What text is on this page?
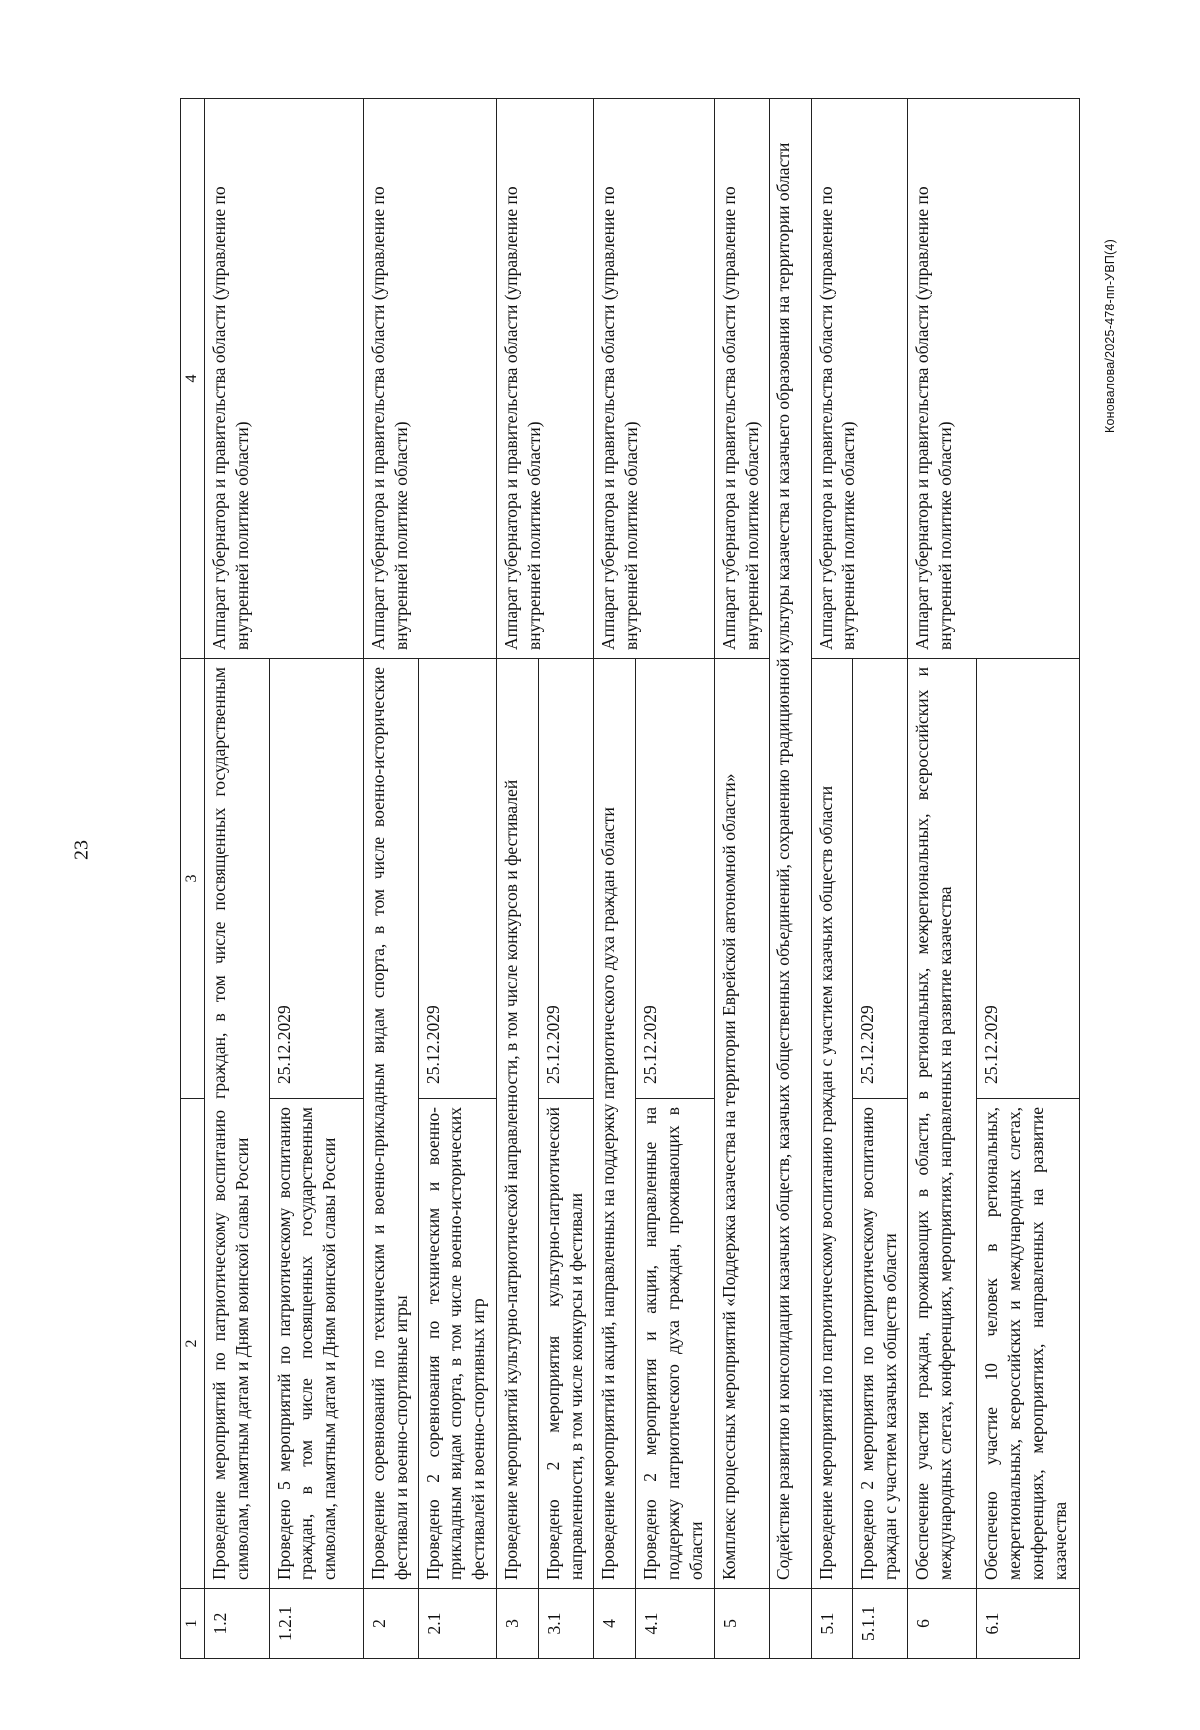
23
Коновалова/2025-478-пп-УВП(4)
1	2	3	4
1.2	Проведение мероприятий по патриотическому воспитанию граждан, в том числе посвященных государственным символам, памятным датам и Дням воинской славы России		Аппарат губернатора и правительства области (управление по внутренней политике области)
1.2.1	Проведено 5 мероприятий по патриотическому воспитанию граждан, в том числе посвященных государственным символам, памятным датам и Дням воинской славы России	25.12.2029	
2	Проведение соревнований по техническим и военно-прикладным видам спорта, в том числе военно-исторические фестивали и военно-спортивные игры		Аппарат губернатора и правительства области (управление по внутренней политике области)
2.1	Проведено 2 соревнования по техническим и военно-прикладным видам спорта, в том числе военно-исторических фестивалей и военно-спортивных игр	25.12.2029	
3	Проведение мероприятий культурно-патриотической направленности, в том числе конкурсов и фестивалей		Аппарат губернатора и правительства области (управление по внутренней политике области)
3.1	Проведено 2 мероприятия культурно-патриотической направленности, в том числе конкурсы и фестивали	25.12.2029	
4	Проведение мероприятий и акций, направленных на поддержку патриотического духа граждан области		Аппарат губернатора и правительства области (управление по внутренней политике области)
4.1	Проведено 2 мероприятия и акции, направленные на поддержку патриотического духа граждан, проживающих в области	25.12.2029	
5	Комплекс процессных мероприятий «Поддержка казачества на территории Еврейской автономной области»		Аппарат губернатора и правительства области (управление по внутренней политике области)
	Содействие развитию и консолидации казачьих обществ, казачьих общественных объединений, сохранению традиционной культуры казачества и казачьего образования на территории области		
5.1	Проведение мероприятий по патриотическому воспитанию граждан с участием казачьих обществ области		Аппарат губернатора и правительства области (управление по внутренней политике области)
5.1.1	Проведено 2 мероприятия по патриотическому воспитанию граждан с участием казачьих обществ области	25.12.2029	
6	Обеспечение участия граждан, проживающих в области, в региональных, межрегиональных, всероссийских и международных слетах, конференциях, мероприятиях, направленных на развитие казачества		Аппарат губернатора и правительства области (управление по внутренней политике области)
6.1	Обеспечено участие 10 человек в региональных, межрегиональных, всероссийских и международных слетах, конференциях, мероприятиях, направленных на развитие казачества	25.12.2029	
